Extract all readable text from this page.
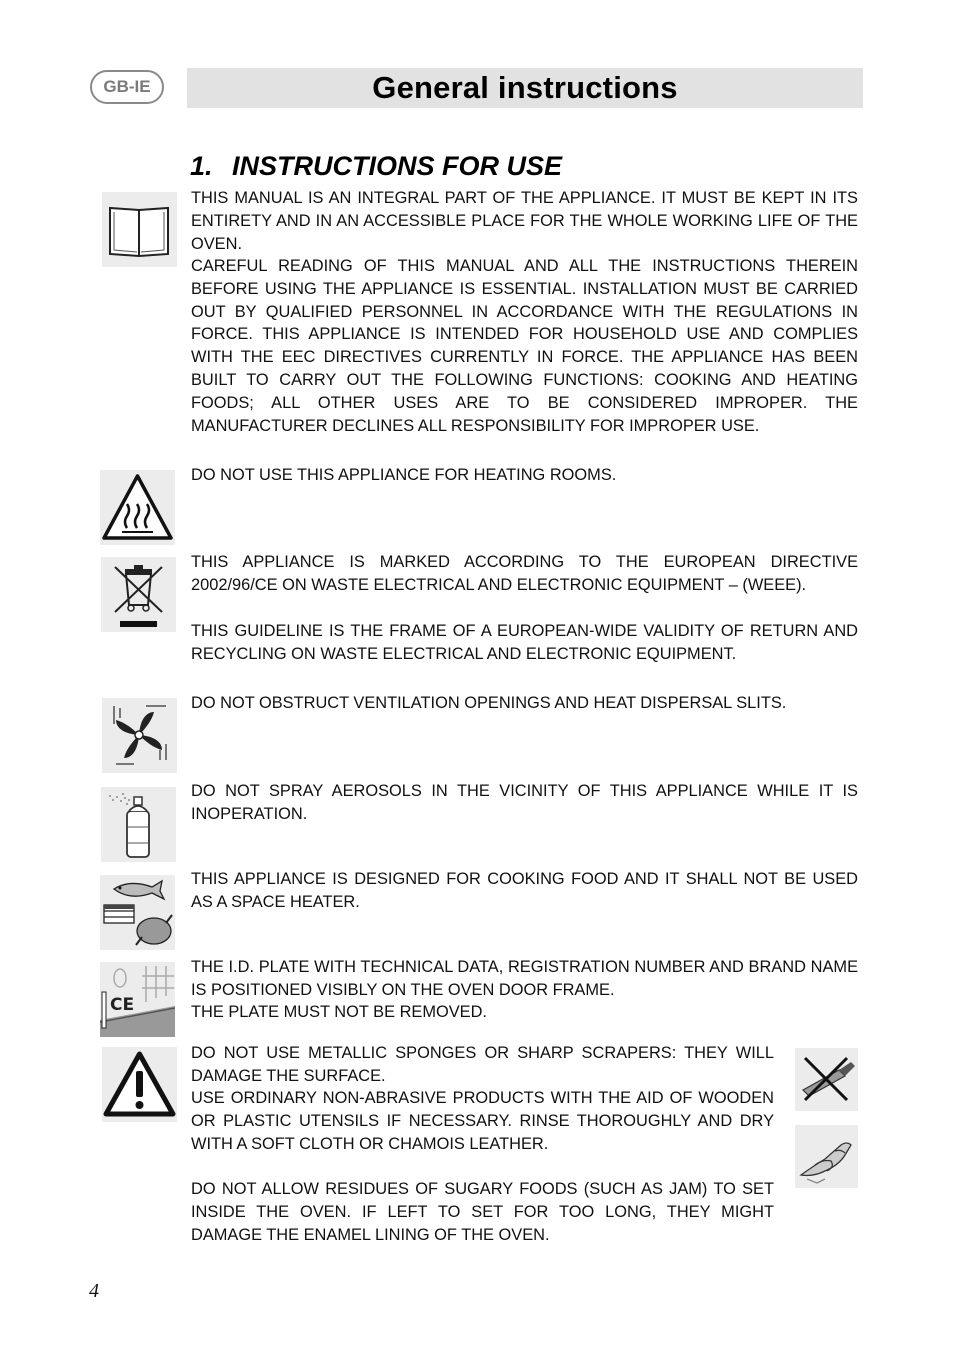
GB-IE	General instructions
1. INSTRUCTIONS FOR USE

THIS MANUAL IS AN INTEGRAL PART OF THE APPLIANCE. IT MUST BE KEPT IN ITS ENTIRETY AND IN AN ACCESSIBLE PLACE FOR THE WHOLE WORKING LIFE OF THE OVEN.

CAREFUL READING OF THIS MANUAL AND ALL THE INSTRUCTIONS THEREIN BEFORE USING THE APPLIANCE IS ESSENTIAL. INSTALLATION MUST BE CARRIED OUT BY QUALIFIED PERSONNEL IN ACCORDANCE WITH THE REGULATIONS IN FORCE. THIS APPLIANCE IS INTENDED FOR HOUSEHOLD USE AND COMPLIES WITH THE EEC DIRECTIVES CURRENTLY IN FORCE. THE APPLIANCE HAS BEEN BUILT TO CARRY OUT THE FOLLOWING FUNCTIONS: COOKING AND HEATING FOODS; ALL OTHER USES ARE TO BE CONSIDERED IMPROPER. THE MANUFACTURER DECLINES ALL RESPONSIBILITY FOR IMPROPER USE.

DO NOT USE THIS APPLIANCE FOR HEATING ROOMS.

THIS APPLIANCE IS MARKED ACCORDING TO THE EUROPEAN DIRECTIVE 2002/96/CE ON WASTE ELECTRICAL AND ELECTRONIC EQUIPMENT – (WEEE).

THIS GUIDELINE IS THE FRAME OF A EUROPEAN-WIDE VALIDITY OF RETURN AND RECYCLING ON WASTE ELECTRICAL AND ELECTRONIC EQUIPMENT.

DO NOT OBSTRUCT VENTILATION OPENINGS AND HEAT DISPERSAL SLITS.

DO NOT SPRAY AEROSOLS IN THE VICINITY OF THIS APPLIANCE WHILE IT IS INOPERATION.

THIS APPLIANCE IS DESIGNED FOR COOKING FOOD AND IT SHALL NOT BE USED AS A SPACE HEATER.

CE

THE I.D. PLATE WITH TECHNICAL DATA, REGISTRATION NUMBER AND BRAND NAME IS POSITIONED VISIBLY ON THE OVEN DOOR FRAME.

THE PLATE MUST NOT BE REMOVED.

DO NOT USE METALLIC SPONGES OR SHARP SCRAPERS: THEY WILL DAMAGE THE SURFACE.

USE ORDINARY NON-ABRASIVE PRODUCTS WITH THE AID OF WOODEN OR PLASTIC UTENSILS IF NECESSARY. RINSE THOROUGHLY AND DRY WITH A SOFT CLOTH OR CHAMOIS LEATHER.

DO NOT ALLOW RESIDUES OF SUGARY FOODS (SUCH AS JAM) TO SET INSIDE THE OVEN. IF LEFT TO SET FOR TOO LONG, THEY MIGHT DAMAGE THE ENAMEL LINING OF THE OVEN.

4
